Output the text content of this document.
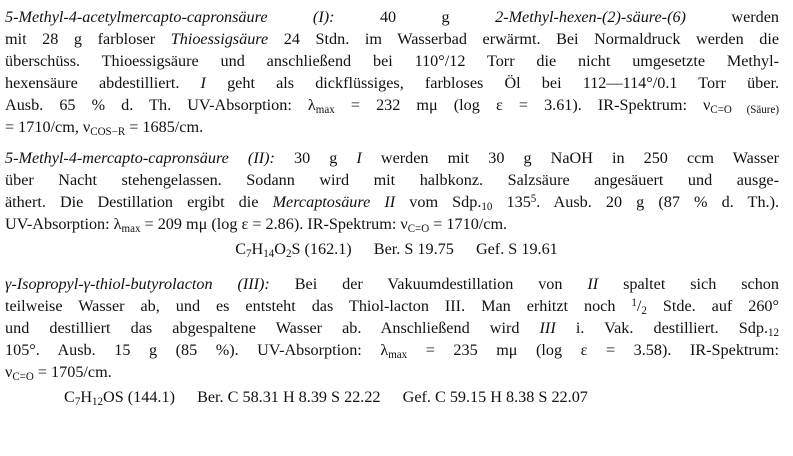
5-Methyl-4-acetylmercapto-capronsäure (I):	40 g	2-Methyl-hexen-(2)-säure-(6)	werden
mit 28 g farbloser Thioessigsäure 24 Stdn. im Wasserbad erwärmt. Bei Normaldruck werden die
überschüss. Thioessigsäure und anschließend bei 110°/12 Torr die nicht umgesetzte Methyl-
hexensäure abdestilliert. I geht als dickflüssiges, farbloses Öl bei 112—114°/0.1 Torr über.
Ausb. 65 % d. Th. UV-Absorption: $\lambda_{max} = 232$ mμ (log ε = 3.61). IR-Spektrum: $\nu_{C=O (Säure)}$
= 1710/cm, $\nu_{COS-R} = 1685/cm$.
5-Methyl-4-mercapto-capronsäure (II): 30 g I werden mit 30 g NaOH in 250 ccm Wasser
über Nacht stehengelassen. Sodann wird mit halbkonz. Salzsäure angesäuert und ausge-
äthert. Die Destillation ergibt die Mercaptosäure II vom $Sdp._{10}$ $135^5$. Ausb. 20 g (87 % d. Th.).
UV-Absorption: $\lambda_{max} = 209$ mμ (log ε = 2.86). IR-Spektrum: $\nu_{C=O} = 1710/cm$.
$C_7H_{14}O_2S$ (162.1) Ber. S 19.75 Gef. S 19.61
γ-Isopropyl-γ-thiol-butyrolacton (III): Bei der Vakuumdestillation von II spaltet sich schon
teilweise Wasser ab, und es entsteht das Thiol-lacton III. Man erhitzt noch $^1/_2$ Stde. auf 260°
und destilliert das abgespaltene Wasser ab. Anschließend wird III i. Vak. destilliert. $Sdp._{12}$
105°. Ausb. 15 g (85 %). UV-Absorption: $\lambda_{max} = 235$ mμ (log ε = 3.58). IR-Spektrum:
$\nu_{C=O} = 1705/cm$.
$C_7H_{12}OS$ (144.1) Ber. C 58.31 H 8.39 S 22.22 Gef. C 59.15 H 8.38 S 22.07
